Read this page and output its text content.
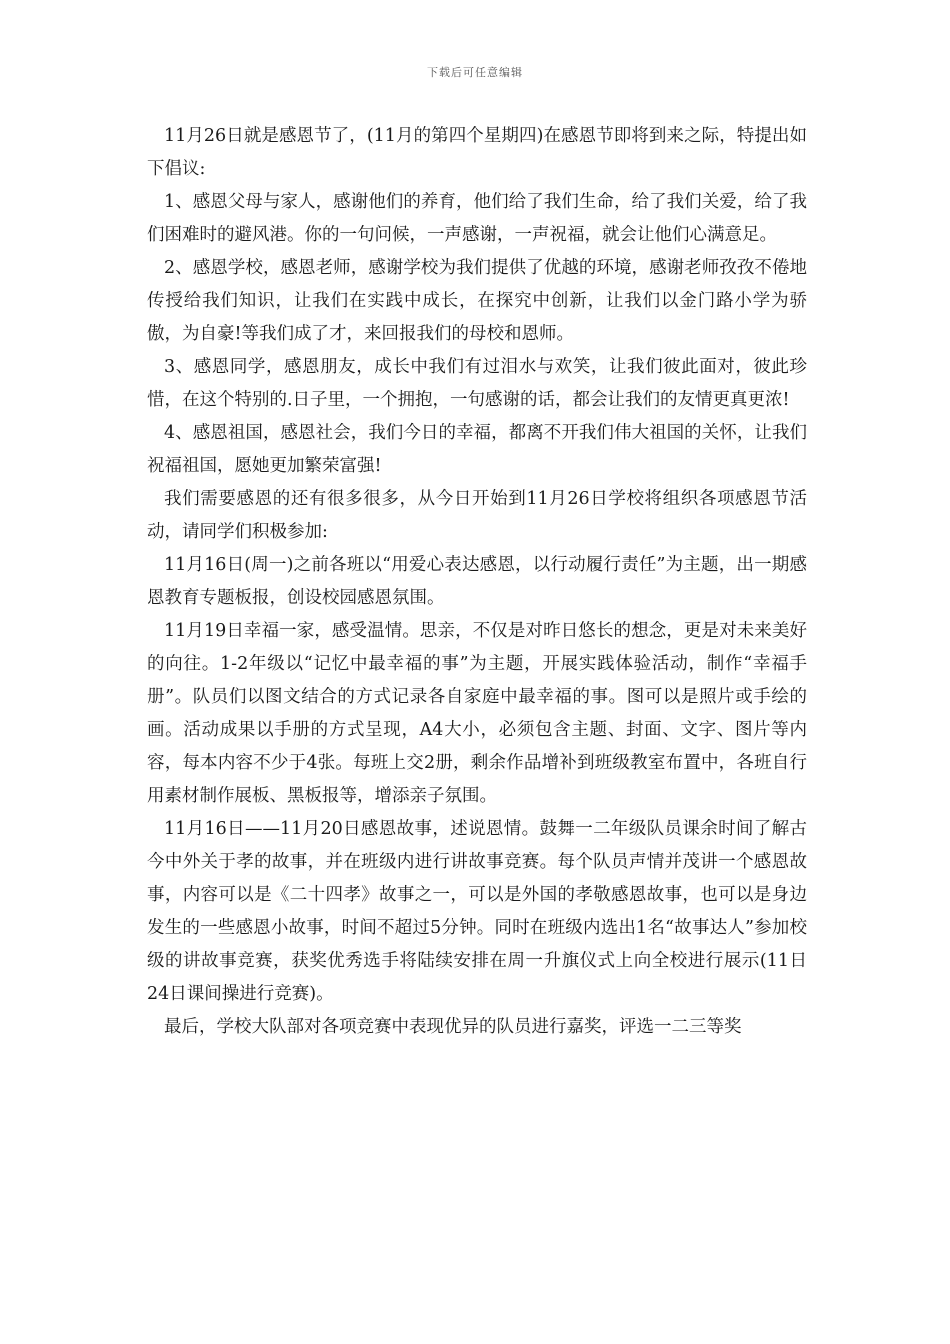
下载后可任意编辑

11月26日就是感恩节了，(11月的第四个星期四)在感恩节即将到来之际，特提出如下倡议:

1、感恩父母与家人，感谢他们的养育，他们给了我们生命，给了我们关爱，给了我们困难时的避风港。你的一句问候，一声感谢，一声祝福，就会让他们心满意足。

2、感恩学校，感恩老师，感谢学校为我们提供了优越的环境，感谢老师孜孜不倦地传授给我们知识，让我们在实践中成长，在探究中创新，让我们以金门路小学为骄傲，为自豪!等我们成了才，来回报我们的母校和恩师。

3、感恩同学，感恩朋友，成长中我们有过泪水与欢笑，让我们彼此面对，彼此珍惜，在这个特别的.日子里，一个拥抱，一句感谢的话，都会让我们的友情更真更浓!

4、感恩祖国，感恩社会，我们今日的幸福，都离不开我们伟大祖国的关怀，让我们祝福祖国，愿她更加繁荣富强!

我们需要感恩的还有很多很多，从今日开始到11月26日学校将组织各项感恩节活动，请同学们积极参加:

11月16日(周一)之前各班以“用爱心表达感恩，以行动履行责任”为主题，出一期感恩教育专题板报，创设校园感恩氛围。

11月19日幸福一家，感受温情。思亲，不仅是对昨日悠长的想念，更是对未来美好的向往。1-2年级以“记忆中最幸福的事”为主题，开展实践体验活动，制作“幸福手册”。队员们以图文结合的方式记录各自家庭中最幸福的事。图可以是照片或手绘的画。活动成果以手册的方式呈现，A4大小，必须包含主题、封面、文字、图片等内容，每本内容不少于4张。每班上交2册，剩余作品增补到班级教室布置中，各班自行用素材制作展板、黑板报等，增添亲子氛围。

11月16日——11月20日感恩故事，述说恩情。鼓舞一二年级队员课余时间了解古今中外关于孝的故事，并在班级内进行讲故事竞赛。每个队员声情并茂讲一个感恩故事，内容可以是《二十四孝》故事之一，可以是外国的孝敬感恩故事，也可以是身边发生的一些感恩小故事，时间不超过5分钟。同时在班级内选出1名“故事达人”参加校级的讲故事竞赛，获奖优秀选手将陆续安排在周一升旗仪式上向全校进行展示(11日24日课间操进行竞赛)。

最后，学校大队部对各项竞赛中表现优异的队员进行嘉奖，评选一二三等奖
